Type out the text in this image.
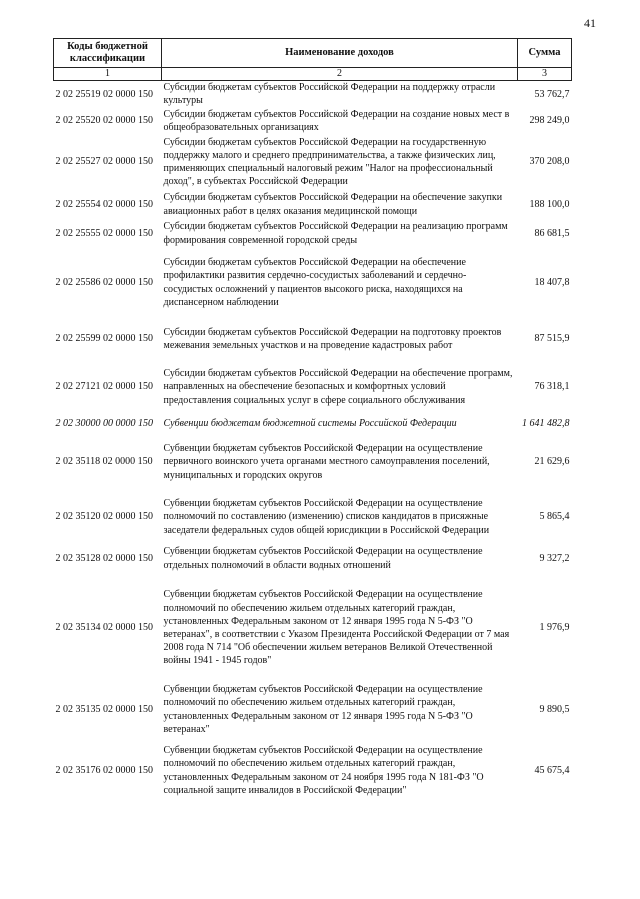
41
Коды бюджетной классификации	Наименование доходов	Сумма
1	2	3
2 02 25519 02 0000 150	Субсидии бюджетам субъектов Российской Федерации на поддержку отрасли культуры	53 762,7
2 02 25520 02 0000 150	Субсидии бюджетам субъектов Российской Федерации на создание новых мест в общеобразовательных организациях	298 249,0
2 02 25527 02 0000 150	Субсидии бюджетам субъектов Российской Федерации на государственную поддержку малого и среднего предпринимательства, а также физических лиц, применяющих специальный налоговый режим "Налог на профессиональный доход", в субъектах Российской Федерации	370 208,0
2 02 25554 02 0000 150	Субсидии бюджетам субъектов Российской Федерации на обеспечение закупки авиационных работ в целях оказания медицинской помощи	188 100,0
2 02 25555 02 0000 150	Субсидии бюджетам субъектов Российской Федерации на реализацию программ формирования современной городской среды	86 681,5
2 02 25586 02 0000 150	Субсидии бюджетам субъектов Российской Федерации на обеспечение профилактики развития сердечно-сосудистых заболеваний и сердечно-сосудистых осложнений у пациентов высокого риска, находящихся на диспансерном наблюдении	18 407,8
2 02 25599 02 0000 150	Субсидии бюджетам субъектов Российской Федерации на подготовку проектов межевания земельных участков и на проведение кадастровых работ	87 515,9
2 02 27121 02 0000 150	Субсидии бюджетам субъектов Российской Федерации на обеспечение программ, направленных на обеспечение безопасных и комфортных условий предоставления социальных услуг в сфере социального обслуживания	76 318,1
2 02 30000 00 0000 150	Субвенции бюджетам бюджетной системы Российской Федерации	1 641 482,8
2 02 35118 02 0000 150	Субвенции бюджетам субъектов Российской Федерации на осуществление первичного воинского учета органами местного самоуправления поселений, муниципальных и городских округов	21 629,6
2 02 35120 02 0000 150	Субвенции бюджетам субъектов Российской Федерации на осуществление полномочий по составлению (изменению) списков кандидатов в присяжные заседатели федеральных судов общей юрисдикции в Российской Федерации	5 865,4
2 02 35128 02 0000 150	Субвенции бюджетам субъектов Российской Федерации на осуществление отдельных полномочий в области водных отношений	9 327,2
2 02 35134 02 0000 150	Субвенции бюджетам субъектов Российской Федерации на осуществление полномочий по обеспечению жильем отдельных категорий граждан, установленных Федеральным законом от 12 января 1995 года N 5-ФЗ "О ветеранах", в соответствии с Указом Президента Российской Федерации от 7 мая 2008 года N 714 "Об обеспечении жильем ветеранов Великой Отечественной войны 1941 - 1945 годов"	1 976,9
2 02 35135 02 0000 150	Субвенции бюджетам субъектов Российской Федерации на осуществление полномочий по обеспечению жильем отдельных категорий граждан, установленных Федеральным законом от 12 января 1995 года N 5-ФЗ "О ветеранах"	9 890,5
2 02 35176 02 0000 150	Субвенции бюджетам субъектов Российской Федерации на осуществление полномочий по обеспечению жильем отдельных категорий граждан, установленных Федеральным законом от 24 ноября 1995 года N 181-ФЗ "О социальной защите инвалидов в Российской Федерации"	45 675,4
